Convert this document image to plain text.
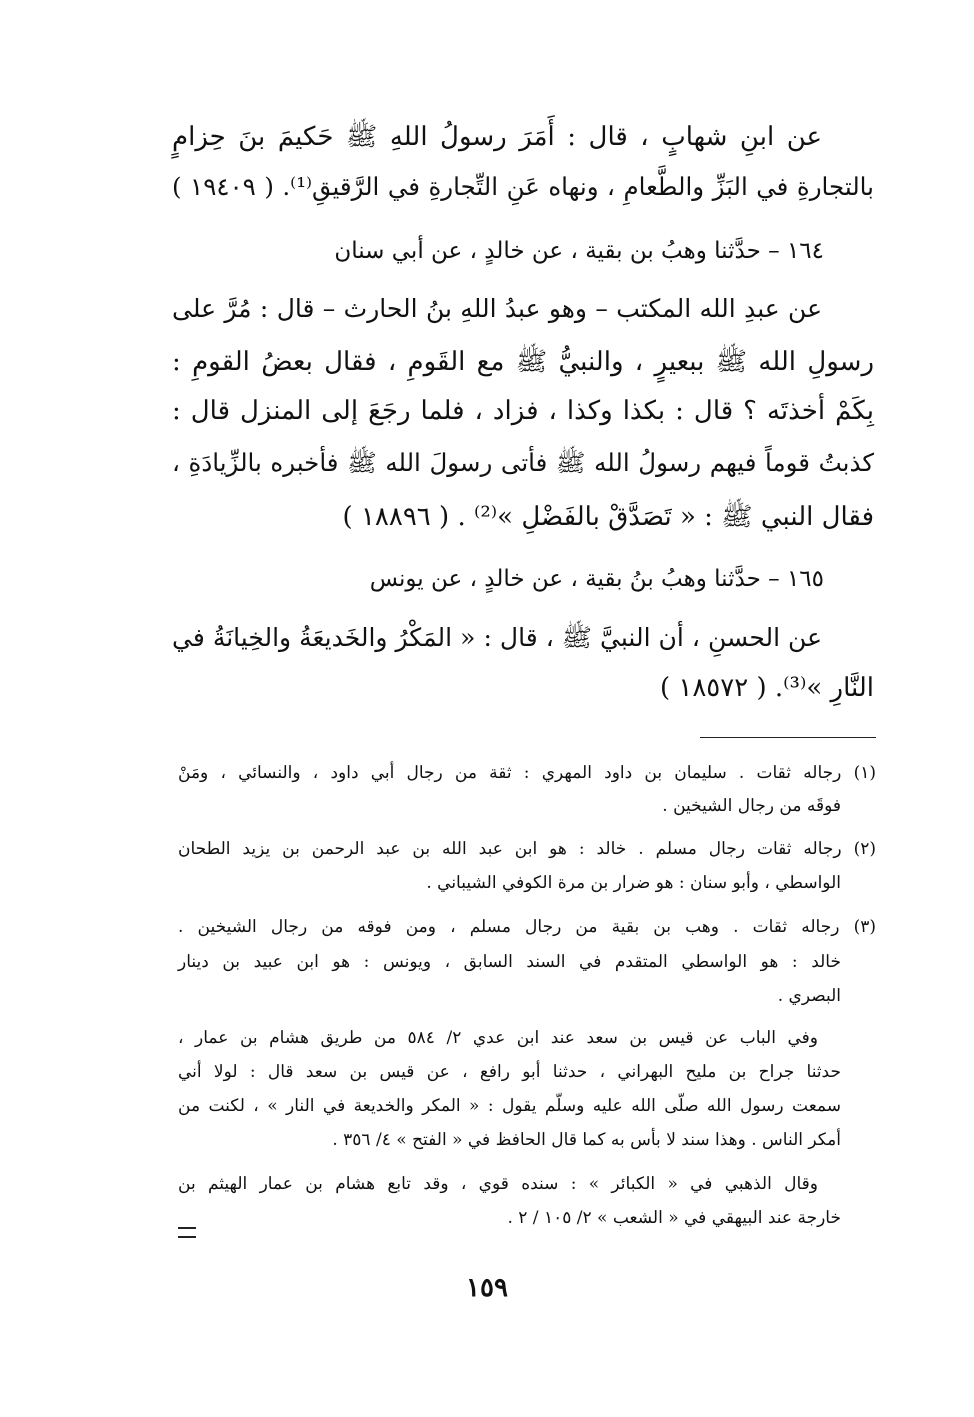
عن ابنِ شهابٍ ، قال : أَمَرَ رسولُ اللهِ ﷺ حَكيمَ بنَ حِزامٍ
بالتجارةِ في البَزِّ والطَّعامِ ، ونهاه عَنِ التِّجارةِ في الرَّقيقِ⁽¹⁾. ( ١٩٤٠٩ )
١٦٤ – حدَّثنا وهبُ بن بقية ، عن خالدٍ ، عن أبي سنان
عن عبدِ الله المكتب – وهو عبدُ اللهِ بنُ الحارث – قال : مُرَّ على
رسولِ الله ﷺ ببعيرٍ ، والنبيُّ ﷺ مع القَومِ ، فقال بعضُ القومِ :
بِكَمْ أخذتَه ؟ قال : بكذا وكذا ، فزاد ، فلما رجَعَ إلى المنزل قال :
كذبتُ قوماً فيهم رسولُ الله ﷺ فأتى رسولَ الله ﷺ فأخبره بالزِّيادَةِ ،
فقال النبي ﷺ : « تَصَدَّقْ بالفَضْلِ »⁽²⁾ . ( ١٨٨٩٦ )
١٦٥ – حدَّثنا وهبُ بنُ بقية ، عن خالدٍ ، عن يونس
عن الحسنِ ، أن النبيَّ ﷺ ، قال : « المَكْرُ والخَديعَةُ والخِيانَةُ في
النَّارِ »⁽³⁾. ( ١٨٥٧٢ )
(١) رجاله ثقات . سليمان بن داود المهري : ثقة من رجال أبي داود ، والنسائي ، ومَنْ
فوقَه من رجال الشيخين .
(٢) رجاله ثقات رجال مسلم . خالد : هو ابن عبد الله بن عبد الرحمن بن يزيد الطحان
الواسطي ، وأبو سنان : هو ضرار بن مرة الكوفي الشيباني .
(٣) رجاله ثقات . وهب بن بقية من رجال مسلم ، ومن فوقه من رجال الشيخين .
خالد : هو الواسطي المتقدم في السند السابق ، ويونس : هو ابن عبيد بن دينار
البصري .
وفي الباب عن قيس بن سعد عند ابن عدي ٢/ ٥٨٤ من طريق هشام بن عمار ،
حدثنا جراح بن مليح البهراني ، حدثنا أبو رافع ، عن قيس بن سعد قال : لولا أني
سمعت رسول الله صلّى الله عليه وسلّم يقول : « المكر والخديعة في النار » ، لكنت من
أمكر الناس . وهذا سند لا بأس به كما قال الحافظ في « الفتح » ٤/ ٣٥٦ .
وقال الذهبي في « الكبائر » : سنده قوي ، وقد تابع هشام بن عمار الهيثم بن
خارجة عند البيهقي في « الشعب » ٢/ ١٠٥ / ٢ .
١٥٩
